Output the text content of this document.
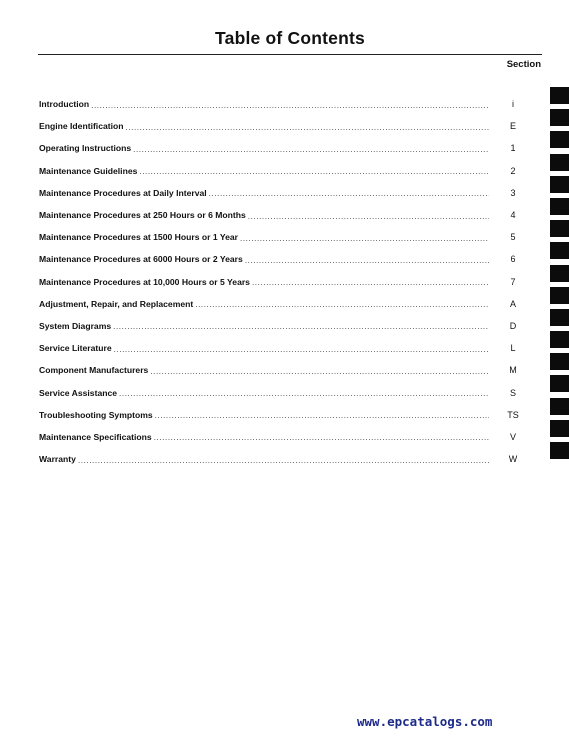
Table of Contents
Section
Introduction .....	i
Engine Identification .....	E
Operating Instructions .....	1
Maintenance Guidelines .....	2
Maintenance Procedures at Daily Interval .....	3
Maintenance Procedures at 250 Hours or 6 Months .....	4
Maintenance Procedures at 1500 Hours or 1 Year .....	5
Maintenance Procedures at 6000 Hours or 2 Years .....	6
Maintenance Procedures at 10,000 Hours or 5 Years .....	7
Adjustment, Repair, and Replacement .....	A
System Diagrams .....	D
Service Literature .....	L
Component Manufacturers .....	M
Service Assistance .....	S
Troubleshooting Symptoms .....	TS
Maintenance Specifications .....	V
Warranty .....	W
www.epcatalogs.com
